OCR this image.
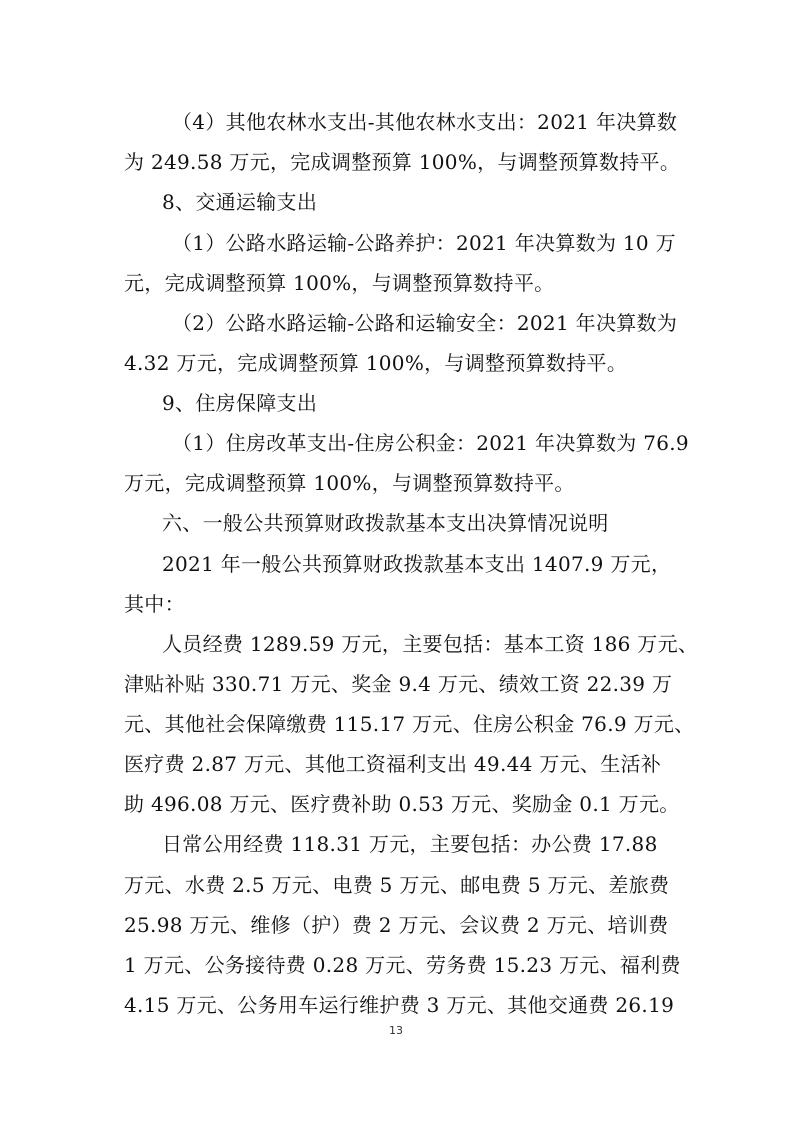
（4）其他农林水支出-其他农林水支出：2021 年决算数
为 249.58 万元，完成调整预算 100%，与调整预算数持平。
8、交通运输支出
（1）公路水路运输-公路养护：2021 年决算数为 10 万
元，完成调整预算 100%，与调整预算数持平。
（2）公路水路运输-公路和运输安全：2021 年决算数为
4.32 万元，完成调整预算 100%，与调整预算数持平。
9、住房保障支出
（1）住房改革支出-住房公积金：2021 年决算数为 76.9
万元，完成调整预算 100%，与调整预算数持平。
六、一般公共预算财政拨款基本支出决算情况说明
2021 年一般公共预算财政拨款基本支出 1407.9 万元，
其中：
人员经费 1289.59 万元，主要包括：基本工资 186 万元、
津贴补贴 330.71 万元、奖金 9.4 万元、绩效工资 22.39 万
元、其他社会保障缴费 115.17 万元、住房公积金 76.9 万元、
医疗费 2.87 万元、其他工资福利支出 49.44 万元、生活补
助 496.08 万元、医疗费补助 0.53 万元、奖励金 0.1 万元。
日常公用经费 118.31 万元，主要包括：办公费 17.88
万元、水费 2.5 万元、电费 5 万元、邮电费 5 万元、差旅费
25.98 万元、维修（护）费 2 万元、会议费 2 万元、培训费
1 万元、公务接待费 0.28 万元、劳务费 15.23 万元、福利费
4.15 万元、公务用车运行维护费 3 万元、其他交通费 26.19
13
